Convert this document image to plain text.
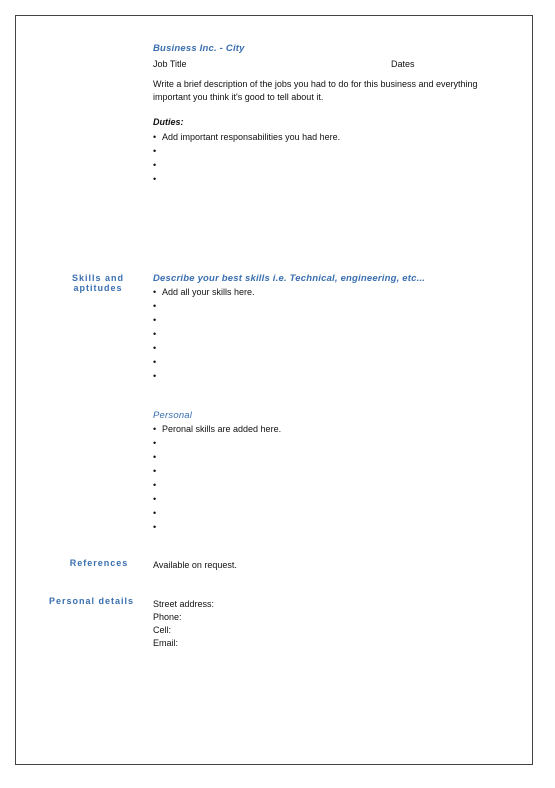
Business Inc. - City
Job Title	Dates
Write a brief description of the jobs you had to do for this business and everything
important you think it's good to tell about it.
Duties:
• Add important responsabilities you had here.
•
•
•
Skills and
aptitudes
Describe your best skills i.e. Technical, engineering, etc...
• Add all your skills here.
•
•
•
•
•
•
Personal
• Peronal skills are added here.
•
•
•
•
•
•
•
References	Available on request.
Personal details Street address:
Phone:
Cell:
Email:
